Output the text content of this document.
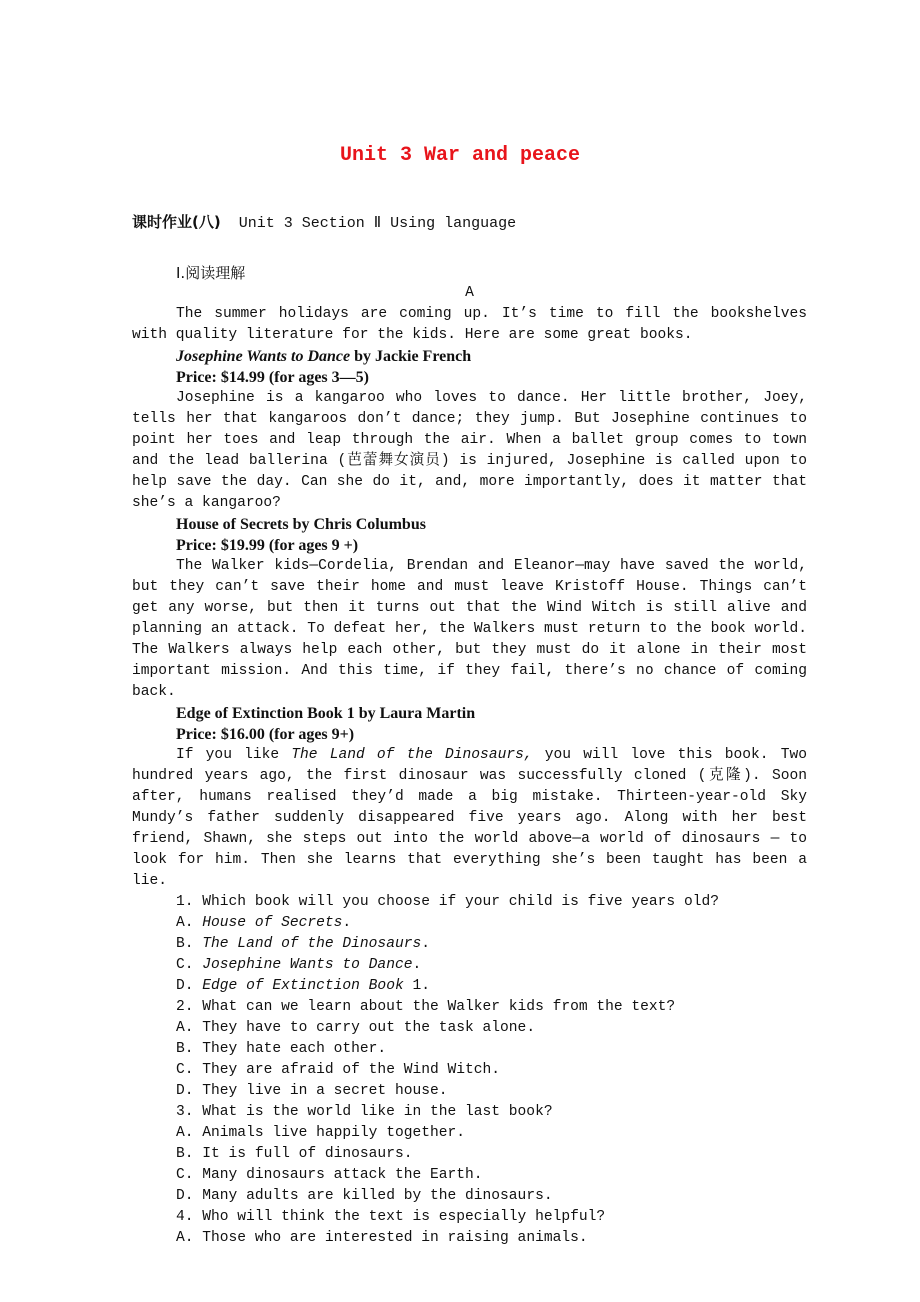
Unit 3 War and peace
课时作业(八) Unit 3 Section Ⅱ Using language
Ⅰ.阅读理解
A

The summer holidays are coming up. It’s time to fill the bookshelves with quality literature for the kids. Here are some great books.

Josephine Wants to Dance by Jackie French

Price: $14.99 (for ages 3—5)

Josephine is a kangaroo who loves to dance. Her little brother, Joey, tells her that kangaroos don’t dance; they jump. But Josephine continues to point her toes and leap through the air. When a ballet group comes to town and the lead ballerina (芭蕾舞女演员) is injured, Josephine is called upon to help save the day. Can she do it, and, more importantly, does it matter that she’s a kangaroo?

House of Secrets by Chris Columbus

Price: $19.99 (for ages 9 +)

The Walker kids—Cordelia, Brendan and Eleanor—may have saved the world, but they can’t save their home and must leave Kristoff House. Things can’t get any worse, but then it turns out that the Wind Witch is still alive and planning an attack. To defeat her, the Walkers must return to the book world. The Walkers always help each other, but they must do it alone in their most important mission. And this time, if they fail, there’s no chance of coming back.

Edge of Extinction Book 1 by Laura Martin

Price: $16.00 (for ages 9+)

If you like The Land of the Dinosaurs, you will love this book. Two hundred years ago, the first dinosaur was successfully cloned (克隆). Soon after, humans realised they’d made a big mistake. Thirteen-year-old Sky Mundy’s father suddenly disappeared five years ago. Along with her best friend, Shawn, she steps out into the world above—a world of dinosaurs — to look for him. Then she learns that everything she’s been taught has been a lie.

1. Which book will you choose if your child is five years old?

A. House of Secrets.

B. The Land of the Dinosaurs.

C. Josephine Wants to Dance.

D. Edge of Extinction Book 1.

2. What can we learn about the Walker kids from the text?

A. They have to carry out the task alone.

B. They hate each other.

C. They are afraid of the Wind Witch.

D. They live in a secret house.

3. What is the world like in the last book?

A. Animals live happily together.

B. It is full of dinosaurs.

C. Many dinosaurs attack the Earth.

D. Many adults are killed by the dinosaurs.

4. Who will think the text is especially helpful?

A. Those who are interested in raising animals.
